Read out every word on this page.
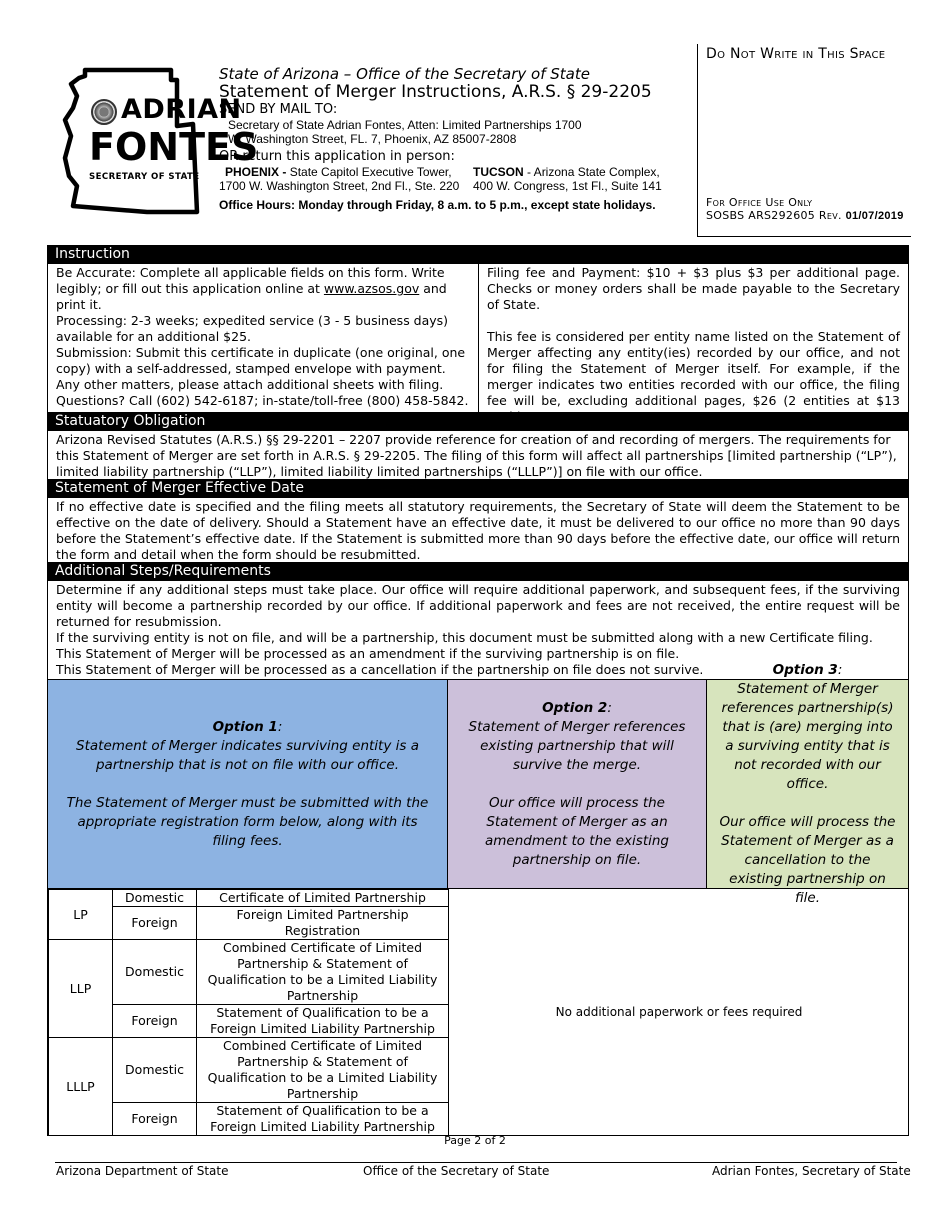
ADRIAN
FONTES
SECRETARY OF STATE
State of Arizona – Office of the Secretary of State
Statement of Merger Instructions, A.R.S. § 29-2205
SEND BY MAIL TO:
Secretary of State Adrian Fontes, Atten: Limited Partnerships 1700
W. Washington Street, FL. 7, Phoenix, AZ 85007-2808
OR return this application in person:
PHOENIX - State Capitol Executive Tower,
1700 W. Washington Street, 2nd Fl., Ste. 220
TUCSON - Arizona State Complex,
400 W. Congress, 1st Fl., Suite 141
Office Hours: Monday through Friday, 8 a.m. to 5 p.m., except state holidays.
Do Not Write in This Space
For Office Use Only
SOSBS ARS292605 Rev. 01/07/2019
Instruction
Be Accurate: Complete all applicable fields on this form. Write legibly; or fill out this application online at www.azsos.gov and print it.
Processing: 2-3 weeks; expedited service (3 - 5 business days) available for an additional $25.
Submission: Submit this certificate in duplicate (one original, one copy) with a self-addressed, stamped envelope with payment. Any other matters, please attach additional sheets with filing.
Questions? Call (602) 542-6187; in-state/toll-free (800) 458-5842.
Filing fee and Payment: $10 + $3 plus $3 per additional page. Checks or money orders shall be made payable to the Secretary of State.
This fee is considered per entity name listed on the Statement of Merger affecting any entity(ies) recorded by our office, and not for filing the Statement of Merger itself. For example, if the merger indicates two entities recorded with our office, the filing fee will be, excluding additional pages, $26 (2 entities at $13
Statuatory Obligation
Arizona Revised Statutes (A.R.S.) §§ 29-2201 – 2207 provide reference for creation of and recording of mergers. The requirements for this Statement of Merger are set forth in A.R.S. § 29-2205. The filing of this form will affect all partnerships [limited partnership (“LP”), limited liability partnership (“LLP”), limited liability limited partnerships (“LLLP”)] on file with our office.
Statement of Merger Effective Date
If no effective date is specified and the filing meets all statutory requirements, the Secretary of State will deem the Statement to be effective on the date of delivery. Should a Statement have an effective date, it must be delivered to our office no more than 90 days before the Statement’s effective date. If the Statement is submitted more than 90 days before the effective date, our office will return the form and detail when the form should be resubmitted.
Additional Steps/Requirements
Determine if any additional steps must take place. Our office will require additional paperwork, and subsequent fees, if the surviving entity will become a partnership recorded by our office. If additional paperwork and fees are not received, the entire request will be returned for resubmission.
If the surviving entity is not on file, and will be a partnership, this document must be submitted along with a new Certificate filing.
This Statement of Merger will be processed as an amendment if the surviving partnership is on file.
This Statement of Merger will be processed as a cancellation if the partnership on file does not survive.
Option 1:
Statement of Merger indicates surviving entity is a partnership that is not on file with our office.
The Statement of Merger must be submitted with the appropriate registration form below, along with its filing fees.
Option 2:
Statement of Merger references existing partnership that will survive the merge.
Our office will process the Statement of Merger as an amendment to the existing partnership on file.
Option 3:
Statement of Merger references partnership(s) that is (are) merging into a surviving entity that is not recorded with our office.
Our office will process the Statement of Merger as a cancellation to the existing partnership on file.
LP	Domestic	Certificate of Limited Partnership
	Foreign	Foreign Limited Partnership Registration
LLP	Domestic	Combined Certificate of Limited Partnership & Statement of Qualification to be a Limited Liability Partnership
	Foreign	Statement of Qualification to be a Foreign Limited Liability Partnership
LLLP	Domestic	Combined Certificate of Limited Partnership & Statement of Qualification to be a Limited Liability Partnership
	Foreign	Statement of Qualification to be a Foreign Limited Liability Partnership
No additional paperwork or fees required
Page 2 of 2
Arizona Department of State	Office of the Secretary of State	Adrian Fontes, Secretary of State
